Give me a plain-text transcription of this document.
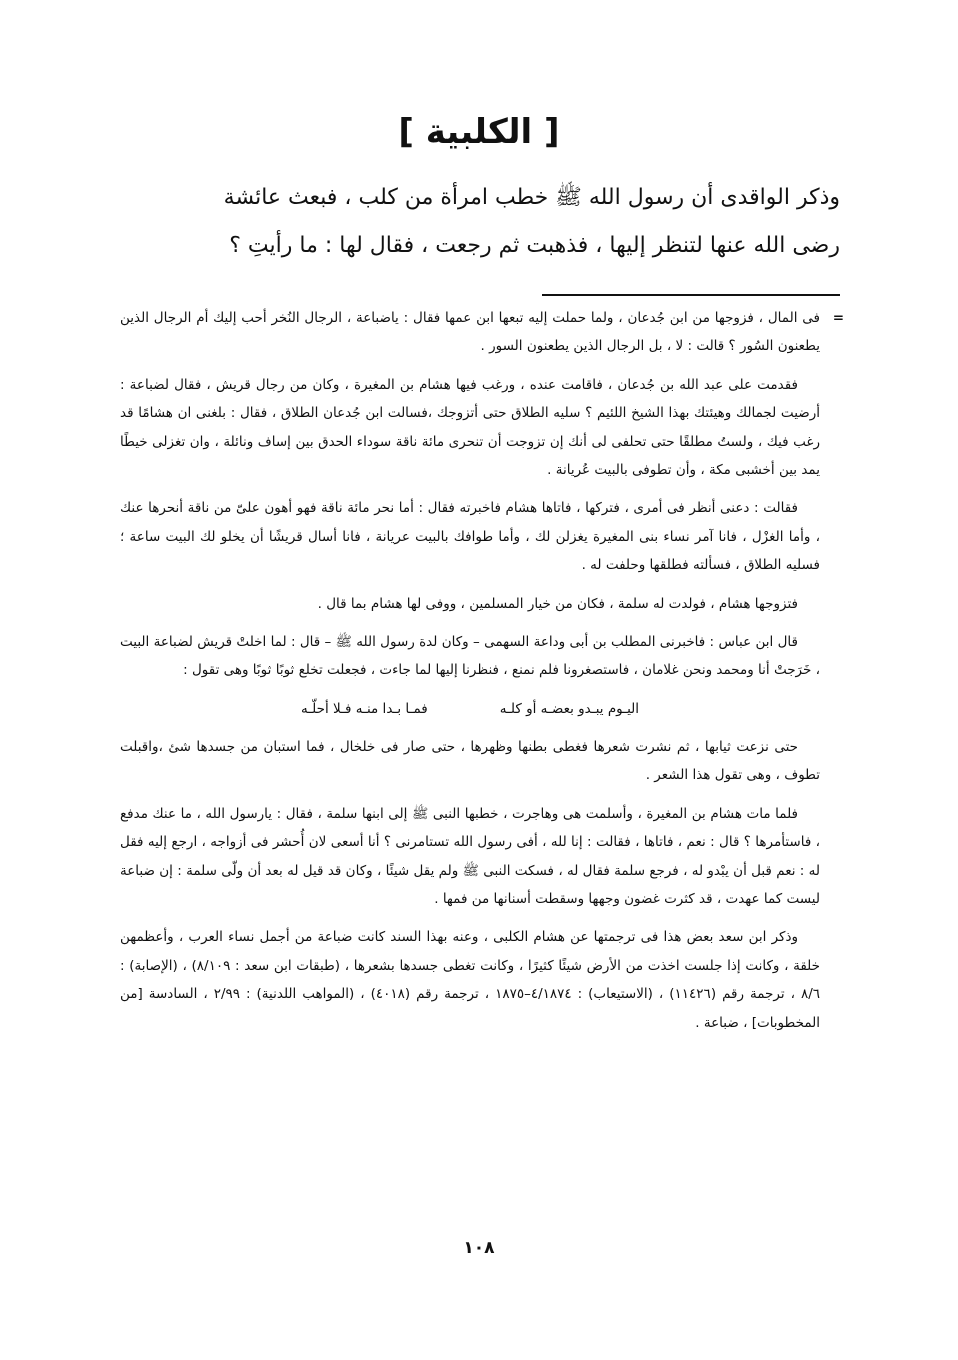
[ الكلبية ]
وذكر الواقدى أن رسول الله ﷺ خطب امرأة من كلب ، فبعث عائشة
رضى الله عنها لتنظر إليها ، فذهبت ثم رجعت ، فقال لها : ما رأيتِ ؟

=
فى المال ، فزوجها من ابن جُدعان ، ولما حملت إليه تبعها ابن عمها فقال : ياضباعة ، الرجال النُخر أحب إليك أم الرجال الذين يطعنون السُور ؟ قالت : لا ، بل الرجال الذين يطعنون السور .

فقدمت على عبد الله بن جُدعان ، فاقامت عنده ، ورغب فيها هشام بن المغيرة ، وكان من رجال قريش ، فقال لضباعة : أرضيت لجمالك وهيئتك بهذا الشيخ اللئيم ؟ سليه الطلاق حتى أتزوجك ،فسالت ابن جُدعان الطلاق ، فقال : بلغنى ان هشامًا قد رغب فيك ، ولستُ مطلقًا حتى تحلفى لى أنك إن تزوجت أن تنحرى مائة ناقة سوداء الحدق بين إساف ونائلة ، وان تغزلى خيطًا يمد بين أخشبى مكة ، وأن تطوفى بالبيت عُريانة .

فقالت : دعنى أنظر فى أمرى ، فتركها ، فاتاها هشام فاخبرته فقال : أما نحر مائة ناقة فهو أهون علىّ من ناقة أنحرها عنك ، وأما الغزْل ، فانا آمر نساء بنى المغيرة يغزلن لك ، وأما طوافك بالبيت عريانة ، فانا أسال قريشًا أن يخلو لك البيت ساعة ؛ فسليه الطلاق ، فسألته فطلقها وحلفت له .

فتزوجها هشام ، فولدت له سلمة ، فكان من خيار المسلمين ، ووفى لها هشام بما قال .

قال ابن عباس : فاخبرنى المطلب بن أبى وداعة السهمى – وكان لدة رسول الله ﷺ – قال : لما اخلتْ قريش لضباعة البيت ، خَرَجتْ أنا ومحمد ونحن غلامان ، فاستصغرونا فلم نمنع ، فنظرنا إليها لما جاءت ، فجعلت تخلع ثوبًا ثوبًا وهى تقول :

اليـوم يبـدو بعضـه أو كلـه
فمـا بـدا منـه فـلا أحلّـه

حتى نزعت ثيابها ، ثم نشرت شعرها فغطى بطنها وظهرها ، حتى صار فى خلخال ، فما استبان من جسدها شئ ،واقبلت تطوف ، وهى تقول هذا الشعر .

فلما مات هشام بن المغيرة ، وأسلمت هى وهاجرت ، خطبها النبى ﷺ إلى ابنها سلمة ، فقال : يارسول الله ، ما عنك مدفع ، فاستأمرها ؟ قال : نعم ، فاتاها ، فقالت : إنا لله ، أفى رسول الله تستامرنى ؟ أنا أسعى لان أُحشر فى أزواجه ، ارجع إليه فقل له : نعم قبل أن يبْدو له ، فرجع سلمة فقال له ، فسكت النبى ﷺ ولم يقل شيئًا ، وكان قد قيل له بعد أن ولّى سلمة : إن ضباعة ليست كما عهدت ، قد كثرت غضون وجهها وسقطت أسنانها من فمها .

وذكر ابن سعد بعض هذا فى ترجمتها عن هشام الكلبى ، وعنه بهذا السند كانت ضباعة من أجمل نساء العرب ، وأعظمهن خلقة ، وكانت إذا جلست اخذت من الأرض شيئًا كثيرًا ، وكانت تغطى جسدها بشعرها ، (طبقات ابن سعد : ٨/١٠٩) ، (الإصابة) : ٨/٦ ، ترجمة رقم (١١٤٢٦) ، (الاستيعاب) : ٤/١٨٧٤–١٨٧٥ ، ترجمة رقم (٤٠١٨) ، (المواهب اللدنية) : ٢/٩٩ ، السادسة [من المخطوبات] ، ضباعة .

١٠٨
